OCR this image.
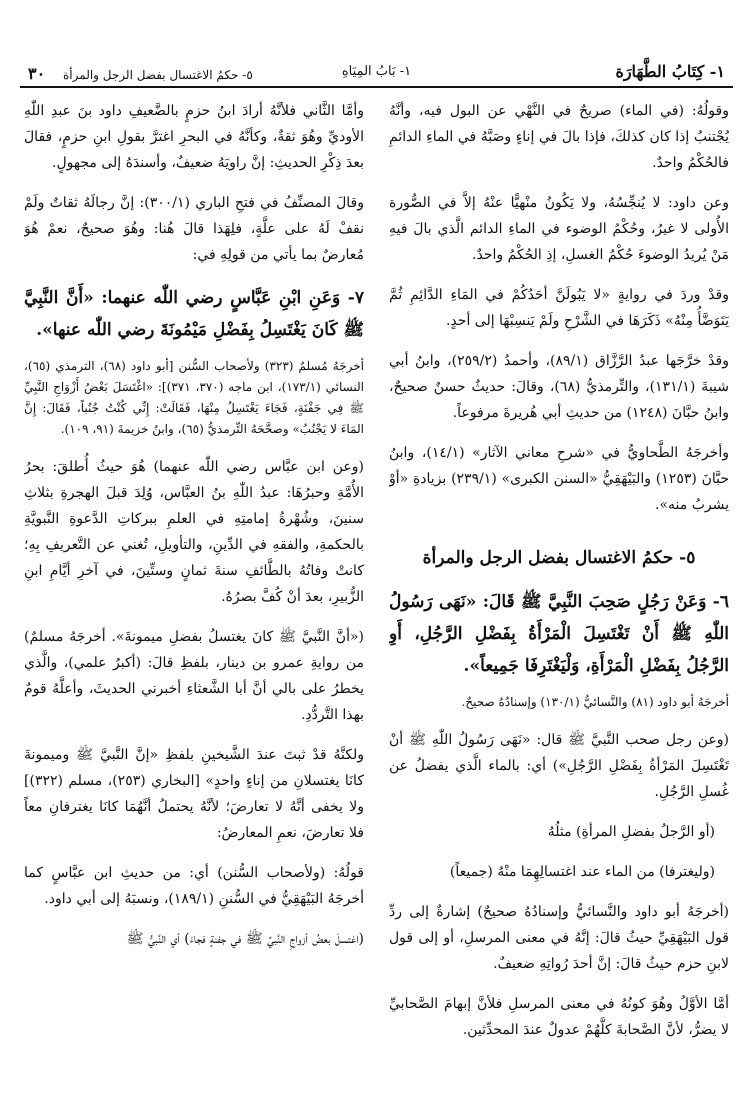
١- كِتَابُ الطَّهَارَة
١- بَابُ المِيَاهِ
٥- حكمُ الاغتسال بفضل الرجل والمرأة ٣٠

وقولُهُ: (في الماء) صريحٌ في النَّهْي عن البول فيه، وأنَّهُ يُجْتنبُ إذا كان كذلكَ، فإذا بالَ في إناءٍ وصَبَّهُ في الماءِ الدائمِ فالحُكْمُ واحدٌ.

وعن داود: لا يُنجِّسُهُ، ولا يَكُونُ منْهيًّا عنْهُ إلاَّ في الصُّورة الأُولى لا غيرُ، وحُكْمُ الوضوء في الماءِ الدائم الَّذي بالَ فيهِ مَنْ يُريدُ الوضوءَ حُكْمُ الغسلِ، إذِ الحُكْمُ واحدٌ.

وقدْ وردَ في روايةٍ «لا يَبُولَنَّ أحَدُكُمْ في المَاءِ الدَّائِمِ ثُمَّ يَتَوَضَّأُ مِنْهُ» ذَكَرَهَا في الشَّرْحِ ولَمْ يَنسِبْهَا إلى أحدٍ.

وقدْ خرَّجَها عبدُ الرَّزَّاق (٨٩/١)، وأحمدُ (٢٥٩/٢)، وابنُ أبي شيبةَ (١٣١/١)، والتِّرمذيُّ (٦٨)، وقالَ: حديثٌ حسنٌ صحيحٌ، وابنُ حبَّانَ (١٢٤٨) من حديثِ أبي هُريرةَ مرفوعاً.

وأخرجَهُ الطَّحاويُّ في «شرحِ معاني الآثار» (١٤/١)، وابنُ حبَّانَ (١٢٥٣) والبَيْهَقِيُّ «السنن الكبرى» (٢٣٩/١) بزيادةِ «أوْ يشربُ منه».

٥- حكمُ الاغتسال بفضل الرجل والمرأة

٦- وَعَنْ رَجُلٍ صَحِبَ النَّبِيَّ ﷺ قَالَ: «نَهَى رَسُولُ اللّٰهِ ﷺ أَنْ تَغْتَسِلَ الْمَرْأَةُ بِفَضْلِ الرَّجُلِ، أَوِ الرَّجُلُ بِفَضْلِ الْمَرْأَةِ، وَلْيَغْتَرِفَا جَمِيعاً».

أخرجَهُ أبو داود (٨١) والنَّسائيُّ (١٣٠/١) وإسنادُهُ صحيحٌ.

(وعن رجل صحب النَّبيَّ ﷺ قال: «نَهَى رَسُولُ اللّٰهِ ﷺ أنْ تَغْتَسِلَ المَرْأةُ بِفَضْلِ الرَّجُلِ») أي: بالماء الَّذي يفضلُ عن غُسلِ الرَّجُلِ.

(أو الرَّجلُ بفضلِ المرأةِ) مثلُهُ

(وليغترفا) من الماء عند اغتسالِهِمَا منْهُ (جميعاً)

(أخرجَهُ أبو داود والنَّسائيُّ وإسنادُهُ صحيحٌ) إشارةٌ إلى ردِّ قول البَيْهَقِيِّ حيثُ قالَ: إنَّهُ في معنى المرسلِ، أو إلى قول لابنِ حزم حيثُ قالَ: إنَّ أحدَ رُواتِهِ ضعيفٌ.

أمَّا الأوَّلُ وهُوَ كونُهُ في معنى المرسلِ فلأنَّ إبهامَ الصَّحابيِّ لا يضرُّ، لأنَّ الصَّحابةَ كلَّهُمْ عدولٌ عندَ المحدِّثين.

وأمَّا الثَّاني فلأنَّهُ أرادَ ابنُ حزمٍ بالضَّعيفِ داود بنَ عبدِ اللّٰهِ الأوديِّ وهُوَ ثقةٌ، وكأنَّهُ في البحرِ اغترَّ بقولِ ابنِ حزمٍ، فقالَ بعدَ ذِكْرِ الحديثِ: إنَّ راويَهُ ضعيفٌ، وأسندَهُ إلى مجهولٍ.

وقالَ المصنِّفُ في فتحِ الباري (٣٠٠/١): إنَّ رجالَهُ ثقاتٌ ولَمْ نقفْ لَهُ على علَّةٍ، فلِهَذا قالَ هُنا: وهُوَ صحيحٌ، نعمْ هُوَ مُعارضٌ بما يأتي من قولِهِ في:

٧- وَعَنِ ابْنِ عَبَّاسٍ رضي اللّٰه عنهما: «أَنَّ النَّبِيَّ ﷺ كَانَ يَغْتَسِلُ بِفَضْلِ مَيْمُونَةَ رضي اللّٰه عنها».

أخرجَهُ مُسلمٌ (٣٢٣) ولأصحاب السُّنن [أبو داود (٦٨)، الترمذي (٦٥)، النسائي (١٧٣/١)، ابن ماجه (٣٧٠، ٣٧١)]: «اغْتَسَلَ بَعْضُ أَزْوَاجِ النَّبِيِّ ﷺ فِي جَفْنَةٍ، فَجَاءَ يَغْتَسِلُ مِنْهَا، فَقَالَتْ: إِنِّي كُنْتُ جُنُباً، فَقَالَ: إِنَّ المَاءَ لا يَجْنُبُ» وصحَّحَهُ التِّرمذيُّ (٦٥)، وابنُ خزيمةَ (٩١، ١٠٩).

(وعن ابن عبَّاس رضي اللّٰه عنهما) هُوَ حيثُ أُطلقَ: بحرُ الأُمَّةِ وحبرُهَا: عبدُ اللّٰهِ بنُ العبَّاس، وُلِدَ قبلَ الهجرةِ بثلاثِ سنينَ، وشُهْرةُ إمامتِهِ في العلمِ ببركاتِ الدَّعوةِ النَّبويَّةِ بالحكمةِ، والفقهِ في الدِّينِ، والتأويلِ، تُغني عن التَّعريفِ بِهِ؛ كانتْ وفاتُهُ بالطَّائفِ سنةَ ثمانٍ وستِّينَ، في آخرِ أيَّامِ ابنِ الزُّبيرِ، بعدَ أنْ كُفَّ بصرُهُ.

(«أنَّ النَّبيَّ ﷺ كانَ يغتسلُ بفضلِ ميمونةَ». أخرجَهُ مسلمٌ) من روايةِ عمرو بن دينار، بلفظِ قالَ: (أكبرُ علمي)، والَّذي يخطرُ على بالي أنَّ أبا الشَّعثاءِ أخبرني الحديثَ، وأعلَّهُ قومٌ بهذا التَّردُّدِ.

ولكنَّهُ قدْ ثبتَ عندَ الشَّيخينِ بلفظِ «إنَّ النَّبيَّ ﷺ وميمونةَ كانَا يغتسلانِ من إناءٍ واحدٍ» [البخاري (٢٥٣)، مسلم (٣٢٢)] ولا يخفى أنَّهُ لا تعارضَ؛ لأنَّهُ يحتملُ أنَّهُمَا كانَا يغترفانِ معاً فلا تعارضَ، نعمِ المعارضُ:

قولُهُ: (ولأصحاب السُّنن) أي: من حديثِ ابن عبَّاسٍ كما أخرجَهُ البَيْهَقِيُّ في السُّننِ (١٨٩/١)، ونسبَهُ إلى أبي داود.

(اغتسلَ بعضُ أزواجِ النَّبيِّ ﷺ في جفنةٍ فجاءَ) أي النَّبيُّ ﷺ
